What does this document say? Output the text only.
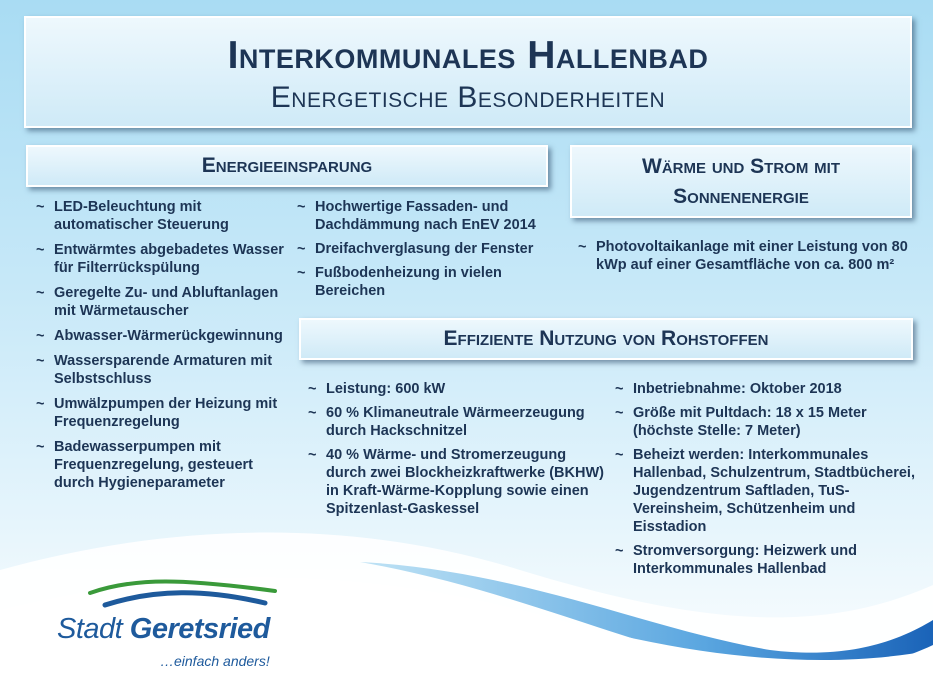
Interkommunales Hallenbad
Energetische Besonderheiten
Energieeinsparung	Wärme und Strom mit
Sonnenenergie
Effiziente Nutzung von Rohstoffen
~ LED-Beleuchtung mit automatischer Steuerung
~ Entwärmtes abgebadetes Wasser für Filterrückspülung
~ Geregelte Zu- und Abluftanlagen mit Wärmetauscher
~ Abwasser-Wärmerückgewinnung
~ Wassersparende Armaturen mit Selbstschluss
~ Umwälzpumpen der Heizung mit Frequenzregelung
~ Badewasserpumpen mit Frequenzregelung, gesteuert durch Hygieneparameter
~ Hochwertige Fassaden- und Dachdämmung nach EnEV 2014
~ Dreifachverglasung der Fenster
~ Fußbodenheizung in vielen Bereichen
~ Photovoltaikanlage mit einer Leistung von 80 kWp auf einer Gesamtfläche von ca. 800 m²
~ Leistung: 600 kW
~ 60 % Klimaneutrale Wärmeerzeugung durch Hackschnitzel
~ 40 % Wärme- und Stromerzeugung durch zwei Blockheizkraftwerke (BKHW) in Kraft-Wärme-Kopplung sowie einen Spitzenlast-Gaskessel
~ Inbetriebnahme: Oktober 2018
~ Größe mit Pultdach: 18 x 15 Meter (höchste Stelle: 7 Meter)
~ Beheizt werden: Interkommunales Hallenbad, Schulzentrum, Stadtbücherei, Jugendzentrum Saftladen, TuS-Vereinsheim, Schützenheim und Eisstadion
~ Stromversorgung: Heizwerk und Interkommunales Hallenbad
Stadt Geretsried
…einfach anders!
